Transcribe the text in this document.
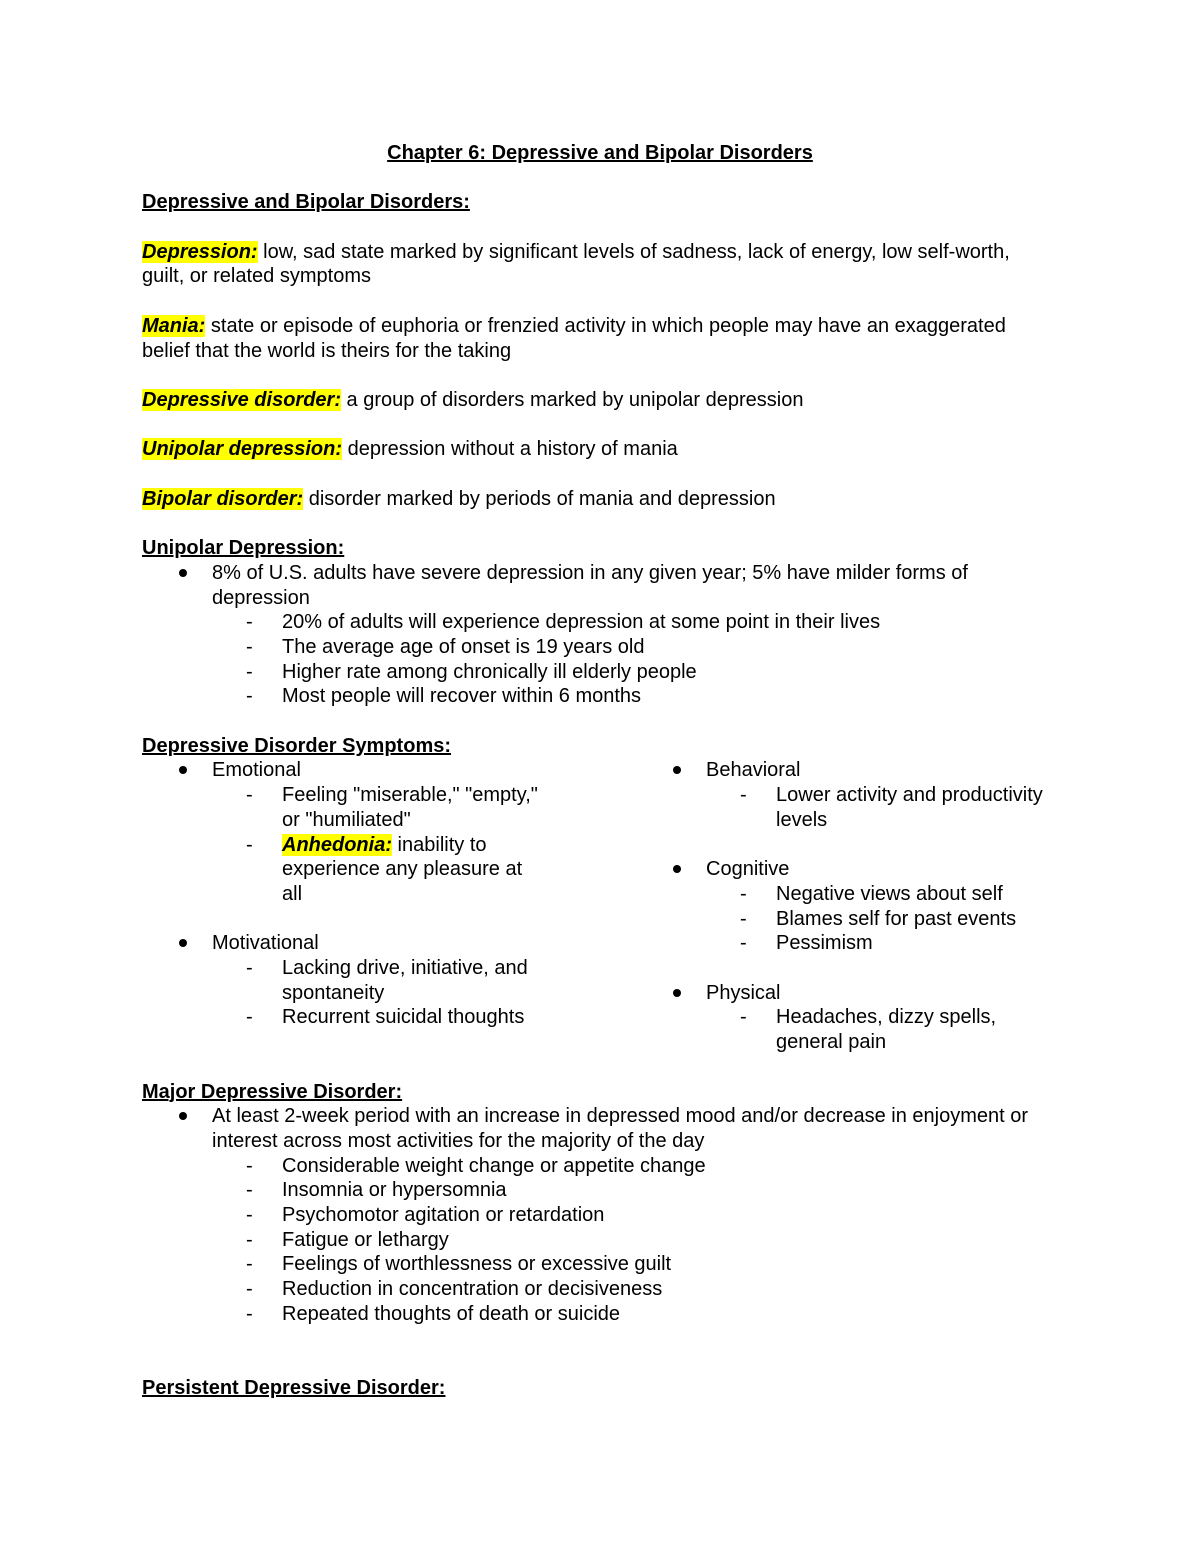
Chapter 6: Depressive and Bipolar Disorders

Depressive and Bipolar Disorders:

Depression: low, sad state marked by significant levels of sadness, lack of energy, low self-worth, guilt, or related symptoms

Mania: state or episode of euphoria or frenzied activity in which people may have an exaggerated belief that the world is theirs for the taking

Depressive disorder: a group of disorders marked by unipolar depression

Unipolar depression: depression without a history of mania

Bipolar disorder: disorder marked by periods of mania and depression

Unipolar Depression:

8% of U.S. adults have severe depression in any given year; 5% have milder forms of depression
- 20% of adults will experience depression at some point in their lives
- The average age of onset is 19 years old
- Higher rate among chronically ill elderly people
- Most people will recover within 6 months

Depressive Disorder Symptoms:

Emotional
- Feeling "miserable," "empty," or "humiliated"
- Anhedonia: inability to experience any pleasure at all
Motivational
- Lacking drive, initiative, and spontaneity
- Recurrent suicidal thoughts
Behavioral
- Lower activity and productivity levels
Cognitive
- Negative views about self
- Blames self for past events
- Pessimism
Physical
- Headaches, dizzy spells, general pain

Major Depressive Disorder:

At least 2-week period with an increase in depressed mood and/or decrease in enjoyment or interest across most activities for the majority of the day
- Considerable weight change or appetite change
- Insomnia or hypersomnia
- Psychomotor agitation or retardation
- Fatigue or lethargy
- Feelings of worthlessness or excessive guilt
- Reduction in concentration or decisiveness
- Repeated thoughts of death or suicide

Persistent Depressive Disorder:
